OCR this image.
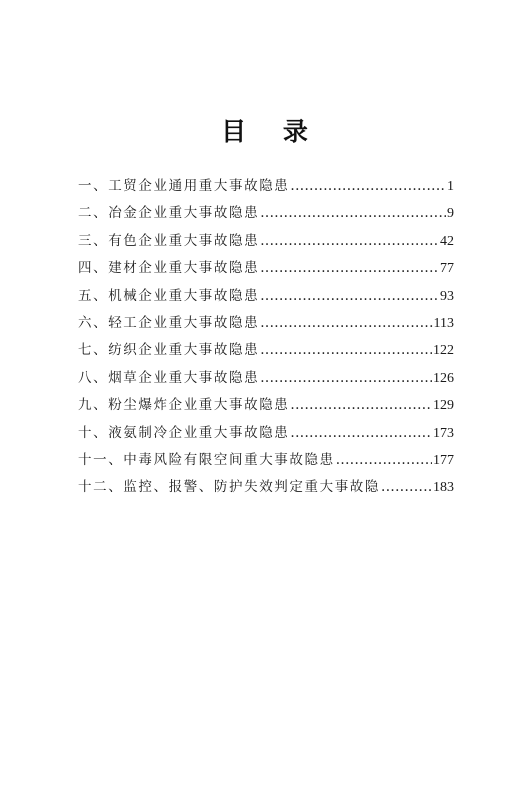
目 录
一、工贸企业通用重大事故隐患 .....	1
二、冶金企业重大事故隐患 .....	9
三、有色企业重大事故隐患 .....	42
四、建材企业重大事故隐患 .....	77
五、机械企业重大事故隐患 .....	93
六、轻工企业重大事故隐患 .....	113
七、纺织企业重大事故隐患 .....	122
八、烟草企业重大事故隐患 .....	126
九、粉尘爆炸企业重大事故隐患 .....	129
十、液氨制冷企业重大事故隐患 .....	173
十一、中毒风险有限空间重大事故隐患 .....	177
十二、监控、报警、防护失效判定重大事故隐 .....	183
